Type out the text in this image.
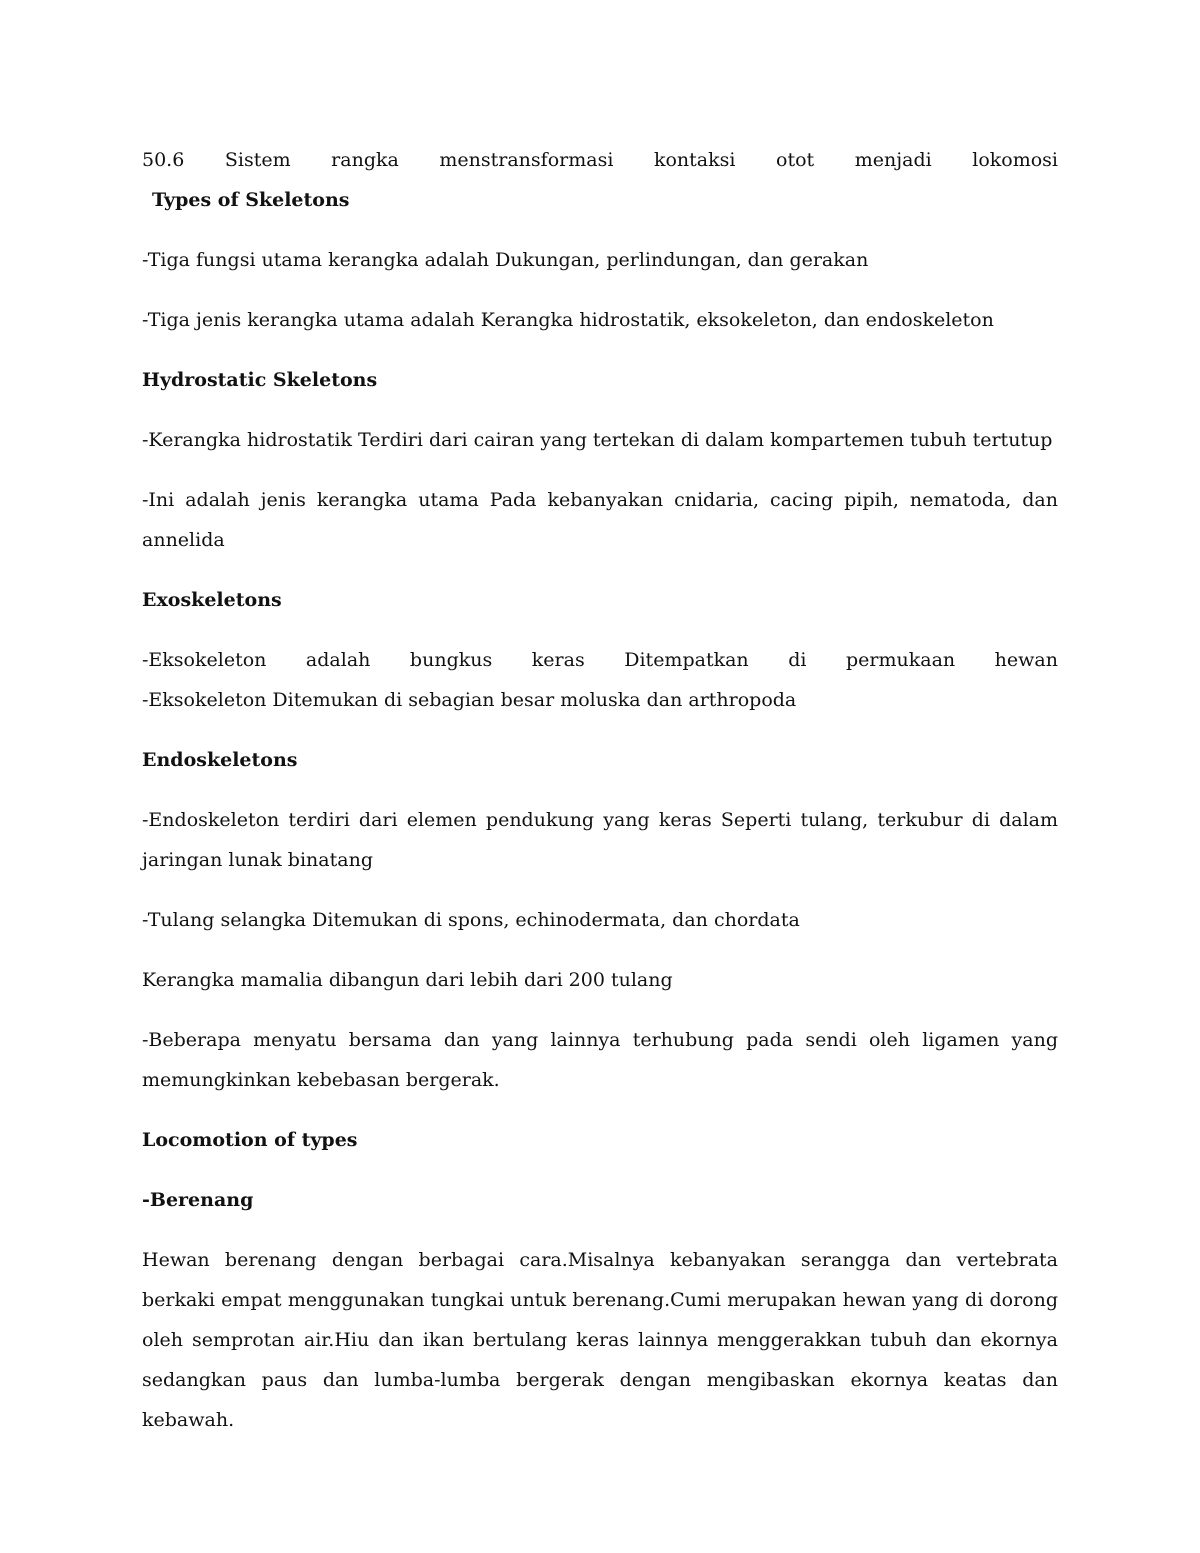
50.6 Sistem rangka menstransformasi kontaksi otot menjadi lokomosi

Types of Skeletons

-Tiga fungsi utama kerangka adalah Dukungan, perlindungan, dan gerakan

-Tiga jenis kerangka utama adalah Kerangka hidrostatik, eksokeleton, dan endoskeleton

Hydrostatic Skeletons

-Kerangka hidrostatik Terdiri dari cairan yang tertekan di dalam kompartemen tubuh tertutup

-Ini adalah jenis kerangka utama Pada kebanyakan cnidaria, cacing pipih, nematoda, dan annelida

Exoskeletons

-Eksokeleton adalah bungkus keras Ditempatkan di permukaan hewan

-Eksokeleton Ditemukan di sebagian besar moluska dan arthropoda

Endoskeletons

-Endoskeleton terdiri dari elemen pendukung yang keras Seperti tulang, terkubur di dalam jaringan lunak binatang

-Tulang selangka Ditemukan di spons, echinodermata, dan chordata

Kerangka mamalia dibangun dari lebih dari 200 tulang

-Beberapa menyatu bersama dan yang lainnya terhubung pada sendi oleh ligamen yang memungkinkan kebebasan bergerak.

Locomotion of types

-Berenang

Hewan berenang dengan berbagai cara.Misalnya kebanyakan serangga dan vertebrata berkaki empat menggunakan tungkai untuk berenang.Cumi merupakan hewan yang di dorong oleh semprotan air.Hiu dan ikan bertulang keras lainnya menggerakkan tubuh dan ekornya sedangkan paus dan lumba-lumba bergerak dengan mengibaskan ekornya keatas dan kebawah.
